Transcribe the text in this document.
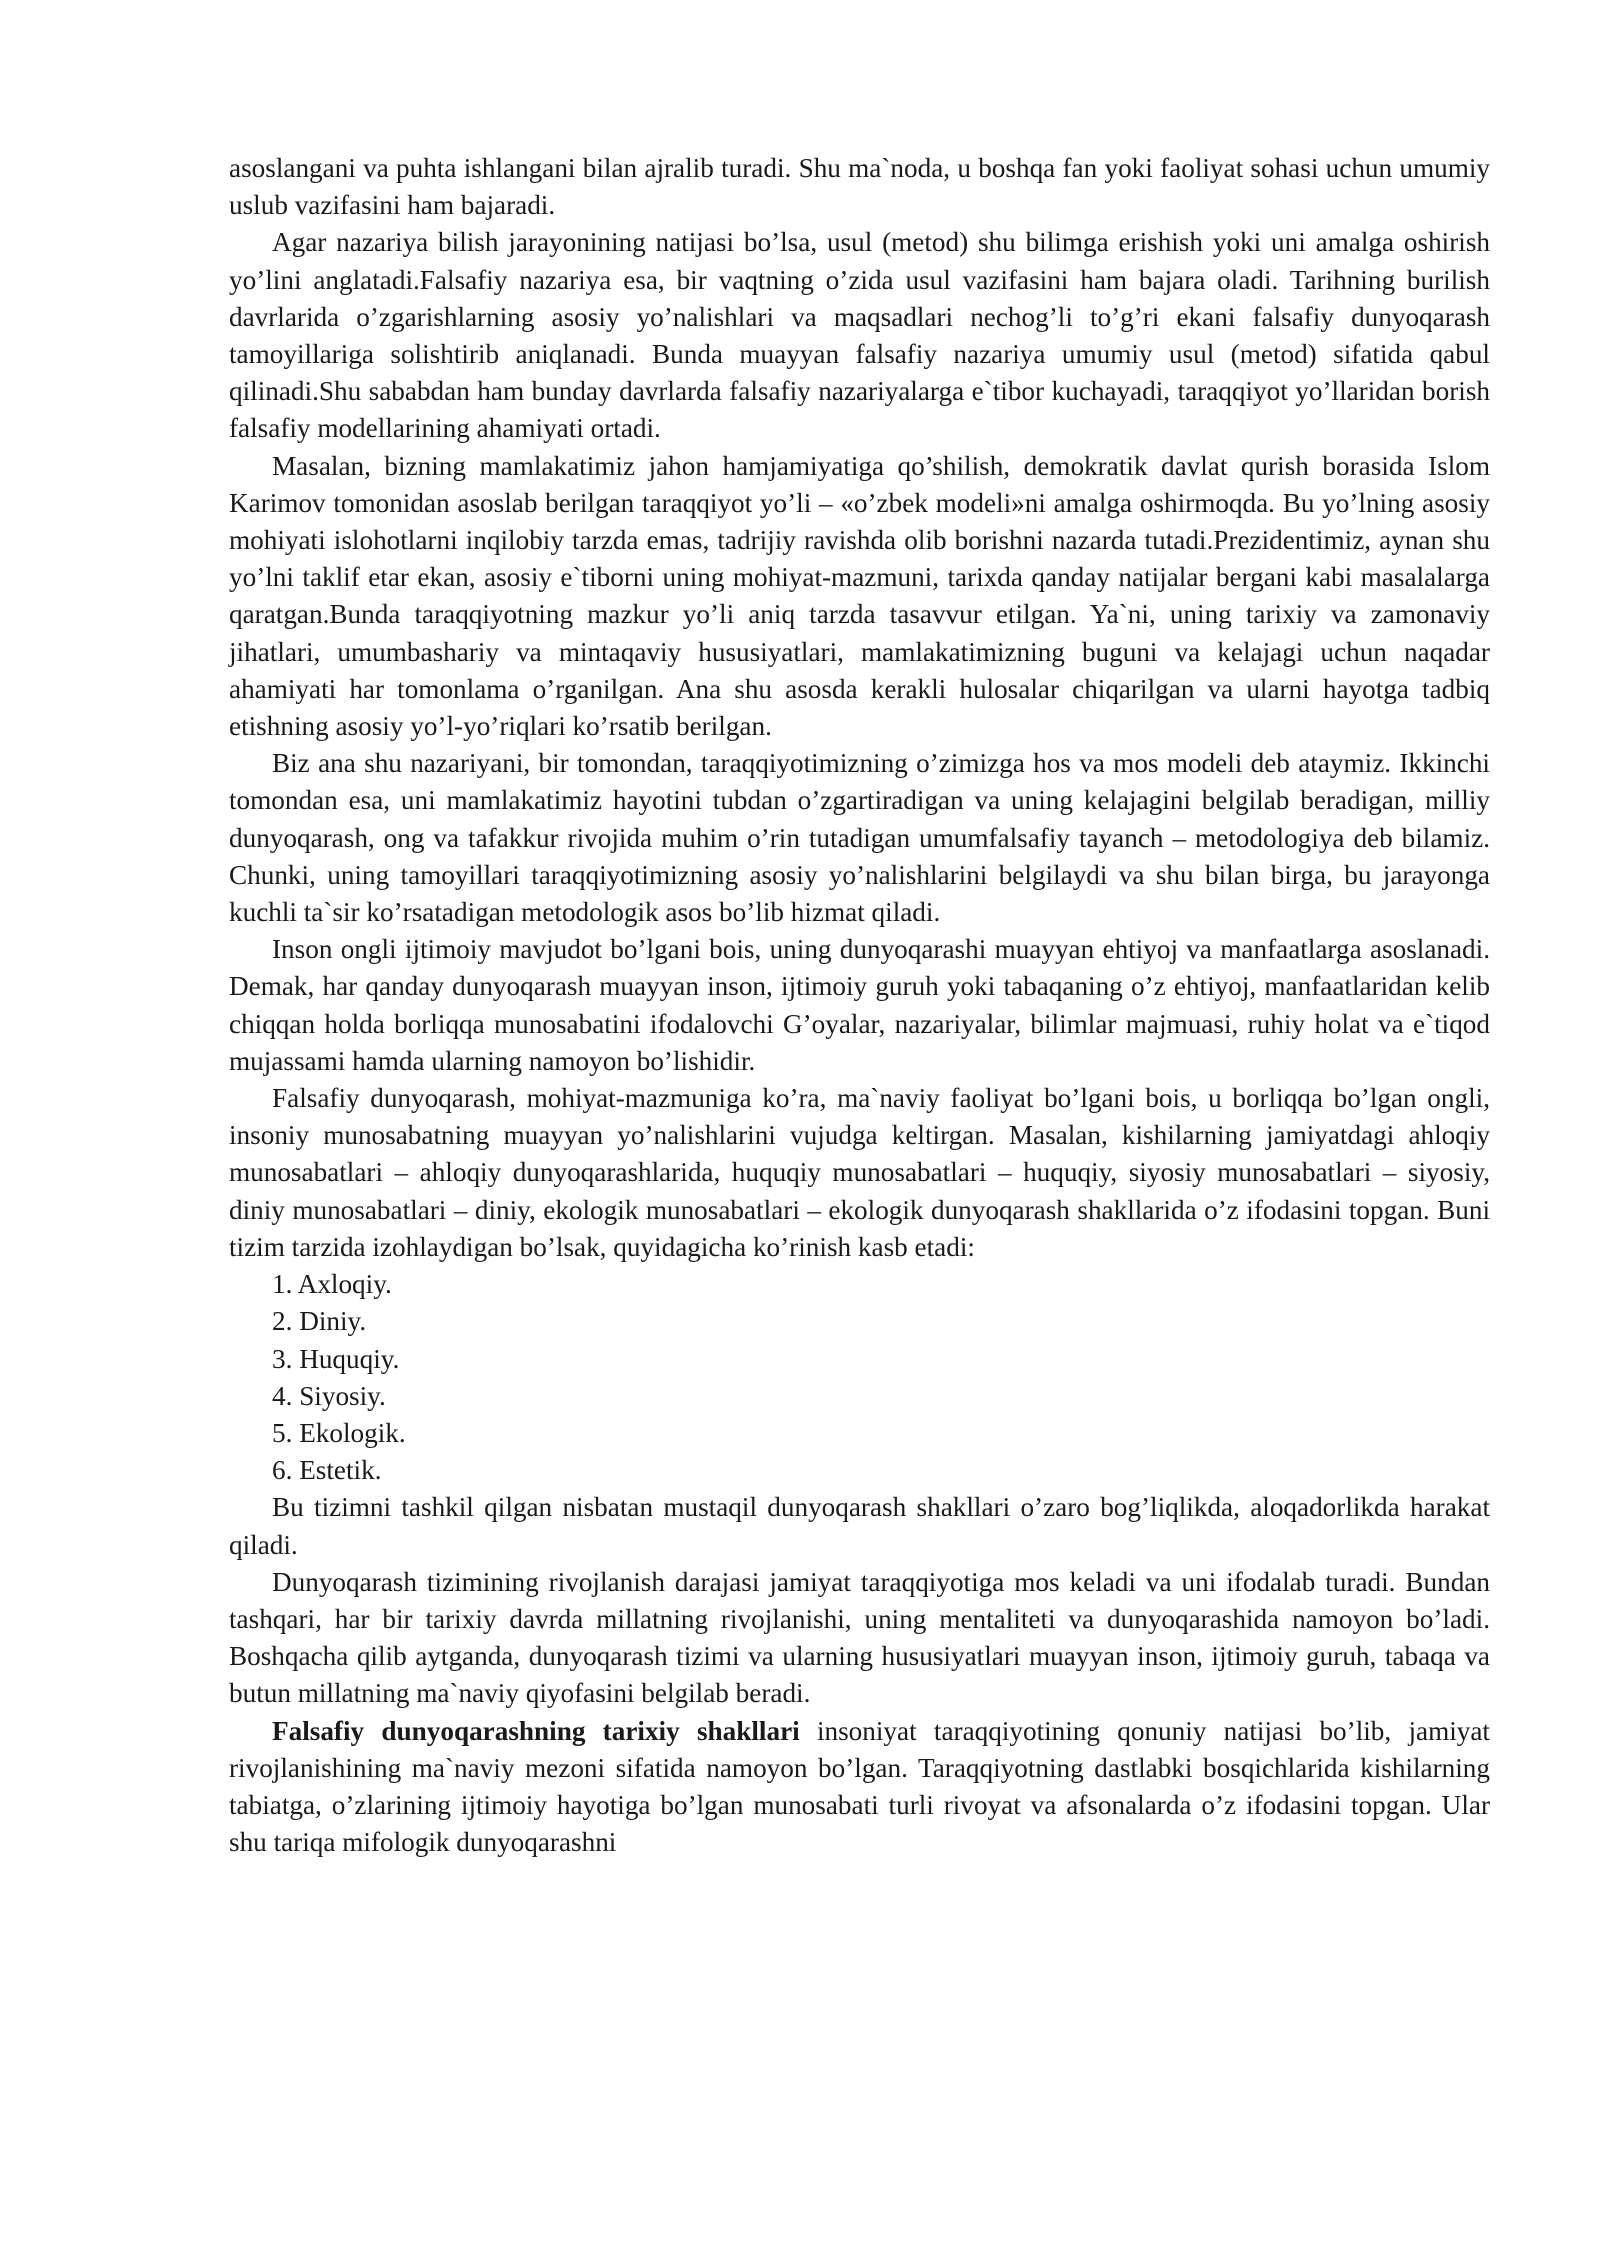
asoslangani va puhta ishlangani bilan ajralib turadi. Shu ma`noda, u boshqa fan yoki faoliyat sohasi uchun umumiy uslub vazifasini ham bajaradi.

Agar nazariya bilish jarayonining natijasi bo’lsa, usul (metod) shu bilimga erishish yoki uni amalga oshirish yo’lini anglatadi.Falsafiy nazariya esa, bir vaqtning o’zida usul vazifasini ham bajara oladi. Tarihning burilish davrlarida o’zgarishlarning asosiy yo’nalishlari va maqsadlari nechog’li to’g’ri ekani falsafiy dunyoqarash tamoyillariga solishtirib aniqlanadi. Bunda muayyan falsafiy nazariya umumiy usul (metod) sifatida qabul qilinadi.Shu sababdan ham bunday davrlarda falsafiy nazariyalarga e`tibor kuchayadi, taraqqiyot yo’llaridan borish falsafiy modellarining ahamiyati ortadi.

Masalan, bizning mamlakatimiz jahon hamjamiyatiga qo’shilish, demokratik davlat qurish borasida Islom Karimov tomonidan asoslab berilgan taraqqiyot yo’li – «o’zbek modeli»ni amalga oshirmoqda. Bu yo’lning asosiy mohiyati islohotlarni inqilobiy tarzda emas, tadrijiy ravishda olib borishni nazarda tutadi.Prezidentimiz, aynan shu yo’lni taklif etar ekan, asosiy e`tiborni uning mohiyat-mazmuni, tarixda qanday natijalar bergani kabi masalalarga qaratgan.Bunda taraqqiyotning mazkur yo’li aniq tarzda tasavvur etilgan. Ya`ni, uning tarixiy va zamonaviy jihatlari, umumbashariy va mintaqaviy hususiyatlari, mamlakatimizning buguni va kelajagi uchun naqadar ahamiyati har tomonlama o’rganilgan. Ana shu asosda kerakli hulosalar chiqarilgan va ularni hayotga tadbiq etishning asosiy yo’l-yo’riqlari ko’rsatib berilgan.

Biz ana shu nazariyani, bir tomondan, taraqqiyotimizning o’zimizga hos va mos modeli deb ataymiz. Ikkinchi tomondan esa, uni mamlakatimiz hayotini tubdan o’zgartiradigan va uning kelajagini belgilab beradigan, milliy dunyoqarash, ong va tafakkur rivojida muhim o’rin tutadigan umumfalsafiy tayanch – metodologiya deb bilamiz. Chunki, uning tamoyillari taraqqiyotimizning asosiy yo’nalishlarini belgilaydi va shu bilan birga, bu jarayonga kuchli ta`sir ko’rsatadigan metodologik asos bo’lib hizmat qiladi.

Inson ongli ijtimoiy mavjudot bo’lgani bois, uning dunyoqarashi muayyan ehtiyoj va manfaatlarga asoslanadi. Demak, har qanday dunyoqarash muayyan inson, ijtimoiy guruh yoki tabaqaning o’z ehtiyoj, manfaatlaridan kelib chiqqan holda borliqqa munosabatini ifodalovchi G’oyalar, nazariyalar, bilimlar majmuasi, ruhiy holat va e`tiqod mujassami hamda ularning namoyon bo’lishidir.

Falsafiy dunyoqarash, mohiyat-mazmuniga ko’ra, ma`naviy faoliyat bo’lgani bois, u borliqqa bo’lgan ongli, insoniy munosabatning muayyan yo’nalishlarini vujudga keltirgan. Masalan, kishilarning jamiyatdagi ahloqiy munosabatlari – ahloqiy dunyoqarashlarida, huquqiy munosabatlari – huquqiy, siyosiy munosabatlari – siyosiy, diniy munosabatlari – diniy, ekologik munosabatlari – ekologik dunyoqarash shakllarida o’z ifodasini topgan. Buni tizim tarzida izohlaydigan bo’lsak, quyidagicha ko’rinish kasb etadi:

1. Axloqiy.

2. Diniy.

3. Huquqiy.

4. Siyosiy.

5. Ekologik.

6. Estetik.

Bu tizimni tashkil qilgan nisbatan mustaqil dunyoqarash shakllari o’zaro bog’liqlikda, aloqadorlikda harakat qiladi.

Dunyoqarash tizimining rivojlanish darajasi jamiyat taraqqiyotiga mos keladi va uni ifodalab turadi. Bundan tashqari, har bir tarixiy davrda millatning rivojlanishi, uning mentaliteti va dunyoqarashida namoyon bo’ladi. Boshqacha qilib aytganda, dunyoqarash tizimi va ularning hususiyatlari muayyan inson, ijtimoiy guruh, tabaqa va butun millatning ma`naviy qiyofasini belgilab beradi.

Falsafiy dunyoqarashning tarixiy shakllari insoniyat taraqqiyotining qonuniy natijasi bo’lib, jamiyat rivojlanishining ma`naviy mezoni sifatida namoyon bo’lgan. Taraqqiyotning dastlabki bosqichlarida kishilarning tabiatga, o’zlarining ijtimoiy hayotiga bo’lgan munosabati turli rivoyat va afsonalarda o’z ifodasini topgan. Ular shu tariqa mifologik dunyoqarashni
